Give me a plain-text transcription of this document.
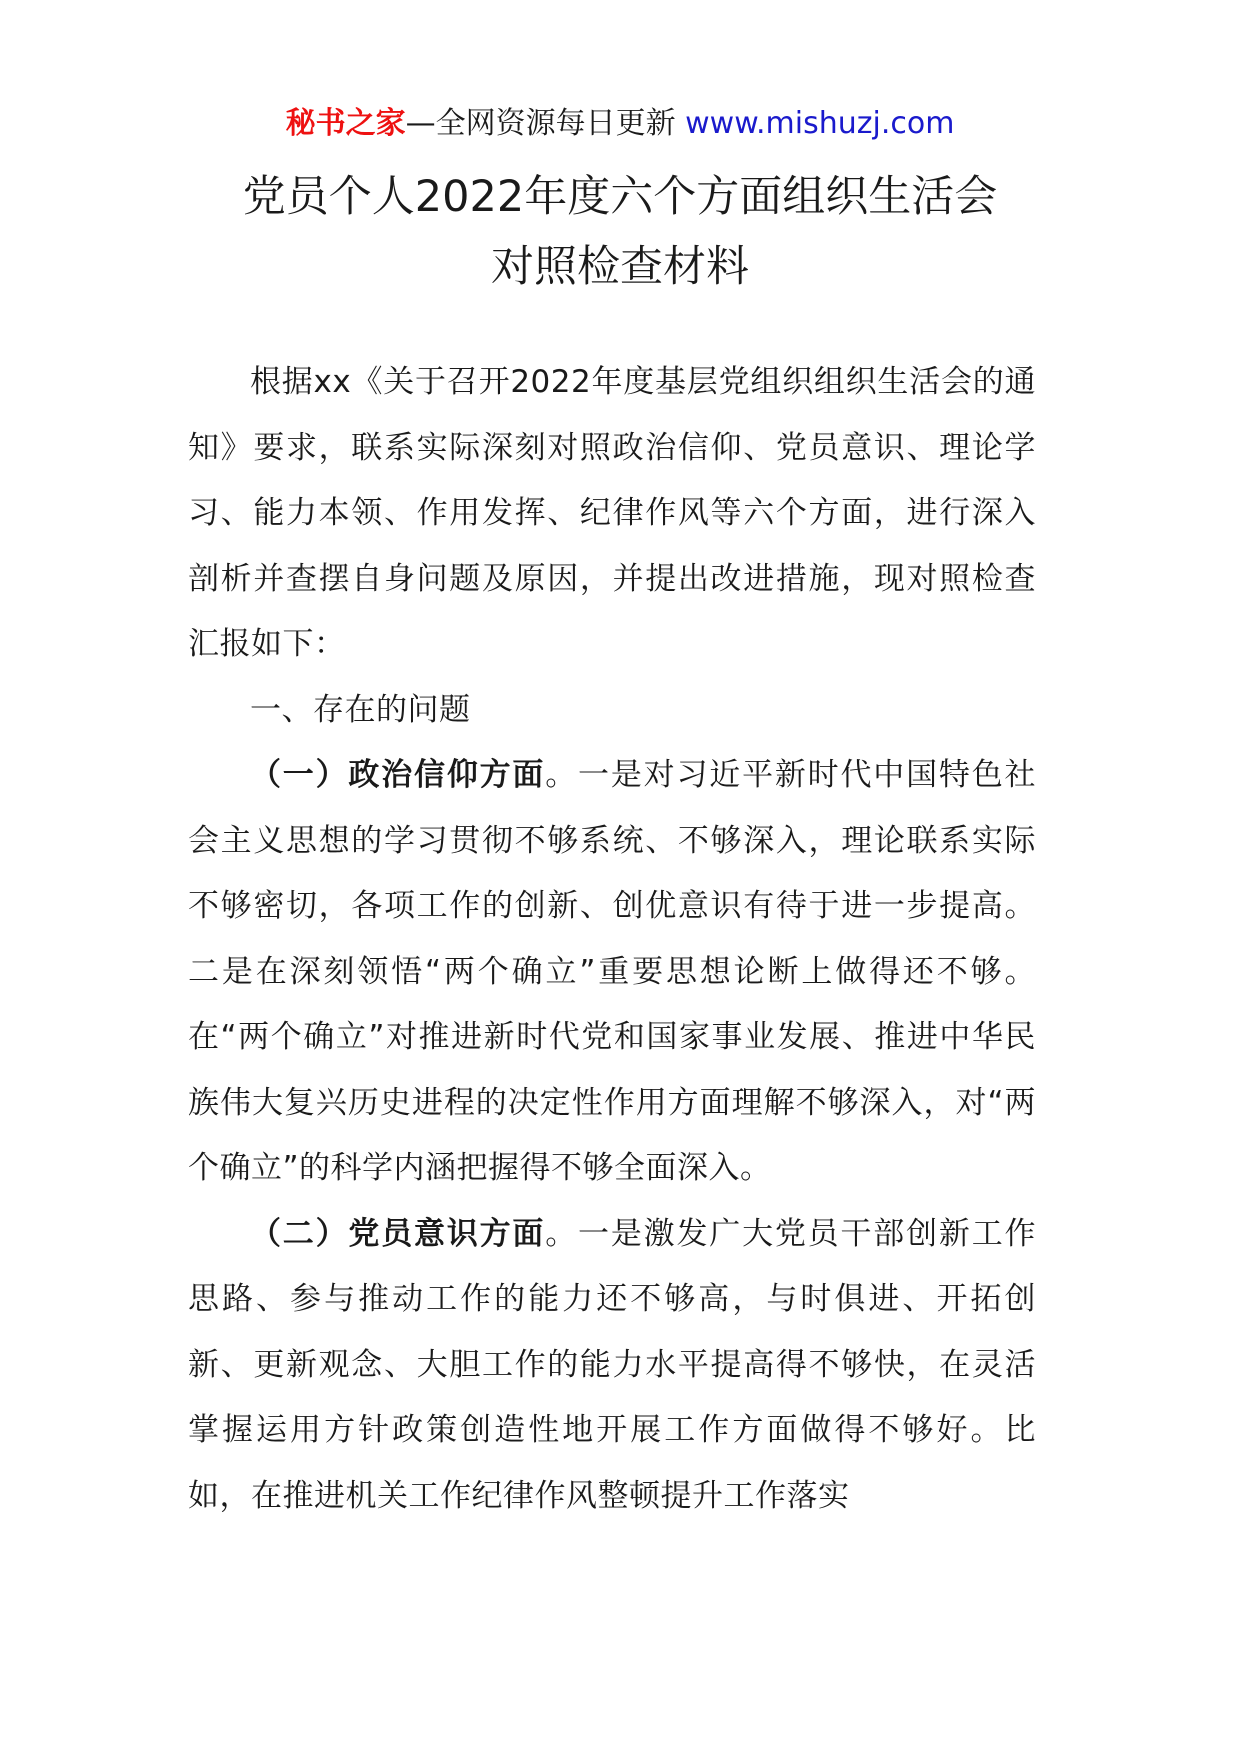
秘书之家—全网资源每日更新 www.mishuzj.com
党员个人2022年度六个方面组织生活会
对照检查材料

根据xx《关于召开2022年度基层党组织组织生活会的通知》要求，联系实际深刻对照政治信仰、党员意识、理论学习、能力本领、作用发挥、纪律作风等六个方面，进行深入剖析并查摆自身问题及原因，并提出改进措施，现对照检查汇报如下：

一、存在的问题

（一）政治信仰方面。一是对习近平新时代中国特色社会主义思想的学习贯彻不够系统、不够深入，理论联系实际不够密切，各项工作的创新、创优意识有待于进一步提高。二是在深刻领悟“两个确立”重要思想论断上做得还不够。在“两个确立”对推进新时代党和国家事业发展、推进中华民族伟大复兴历史进程的决定性作用方面理解不够深入，对“两个确立”的科学内涵把握得不够全面深入。

（二）党员意识方面。一是激发广大党员干部创新工作思路、参与推动工作的能力还不够高，与时俱进、开拓创新、更新观念、大胆工作的能力水平提高得不够快，在灵活掌握运用方针政策创造性地开展工作方面做得不够好。比如，在推进机关工作纪律作风整顿提升工作落实
